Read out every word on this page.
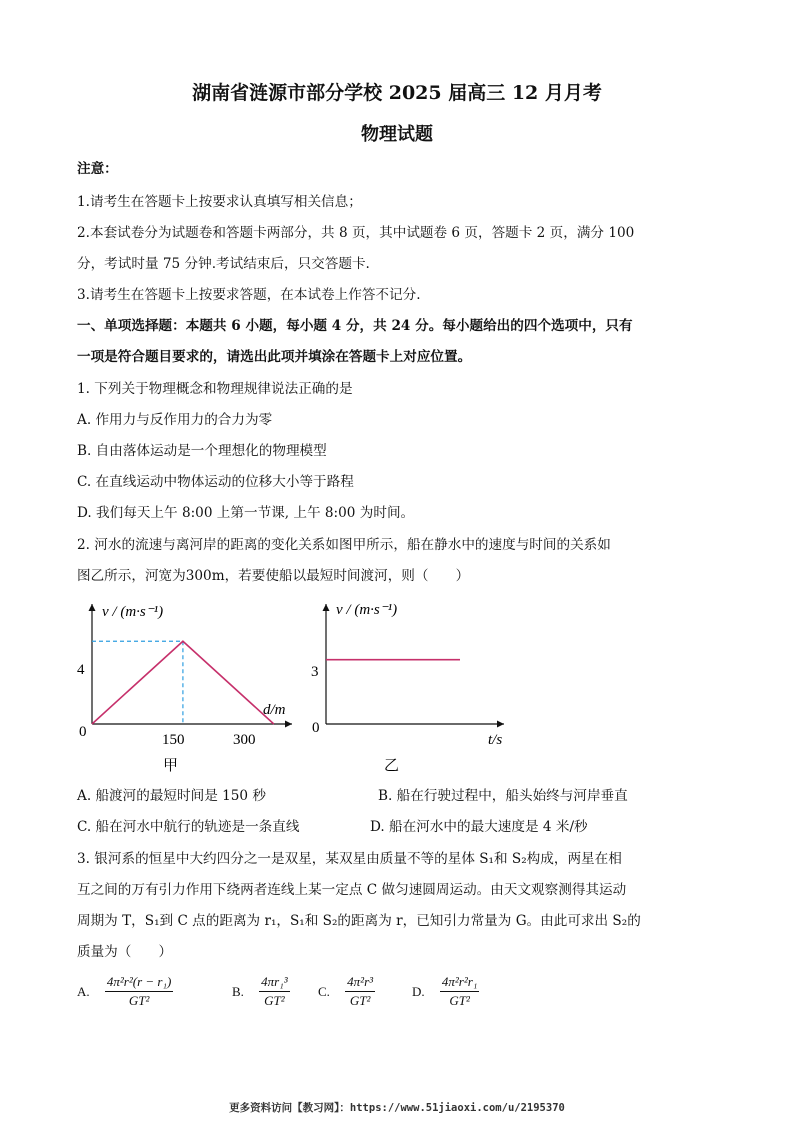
湖南省涟源市部分学校 2025 届高三 12 月月考
物理试题
注意：
1.请考生在答题卡上按要求认真填写相关信息；
2.本套试卷分为试题卷和答题卡两部分，共 8 页，其中试题卷 6 页，答题卡 2 页，满分 100
分，考试时量 75 分钟.考试结束后，只交答题卡.
3.请考生在答题卡上按要求答题，在本试卷上作答不记分.
一、单项选择题：本题共 6 小题，每小题 4 分，共 24 分。每小题给出的四个选项中，只有
一项是符合题目要求的，请选出此项并填涂在答题卡上对应位置。
1. 下列关于物理概念和物理规律说法正确的是
A. 作用力与反作用力的合力为零
B. 自由落体运动是一个理想化的物理模型
C. 在直线运动中物体运动的位移大小等于路程
D. 我们每天上午 8:00 上第一节课, 上午 8:00 为时间。
2. 河水的流速与离河岸的距离的变化关系如图甲所示，船在静水中的速度与时间的关系如
图乙所示，河宽为300m，若要使船以最短时间渡河，则（　　）
v / (m·s⁻¹)
d/m
0
4
150	300
甲
v / (m·s⁻¹)
t/s
0
3
乙
A. 船渡河的最短时间是 150 秒	B. 船在行驶过程中，船头始终与河岸垂直
C. 船在河水中航行的轨迹是一条直线	D. 船在河水中的最大速度是 4 米/秒
3. 银河系的恒星中大约四分之一是双星，某双星由质量不等的星体 S₁和 S₂构成，两星在相
互之间的万有引力作用下绕两者连线上某一定点 C 做匀速圆周运动。由天文观察测得其运动
周期为 T，S₁到 C 点的距离为 r₁，S₁和 S₂的距离为 r，已知引力常量为 G。由此可求出 S₂的
质量为（　　）
A. $\frac{\text{4π²r²(r − r₁)}}{\text{GT²}}$	B. $\frac{\text{4πr₁³}}{\text{GT²}} C$. $\frac{\text{4π²r³}}{\text{GT²}}$	D. $\frac{\text{4π²r²r₁}}{\text{GT²}}$
更多资料访问【教习网】：https://www.51jiaoxi.com/u/2195370
